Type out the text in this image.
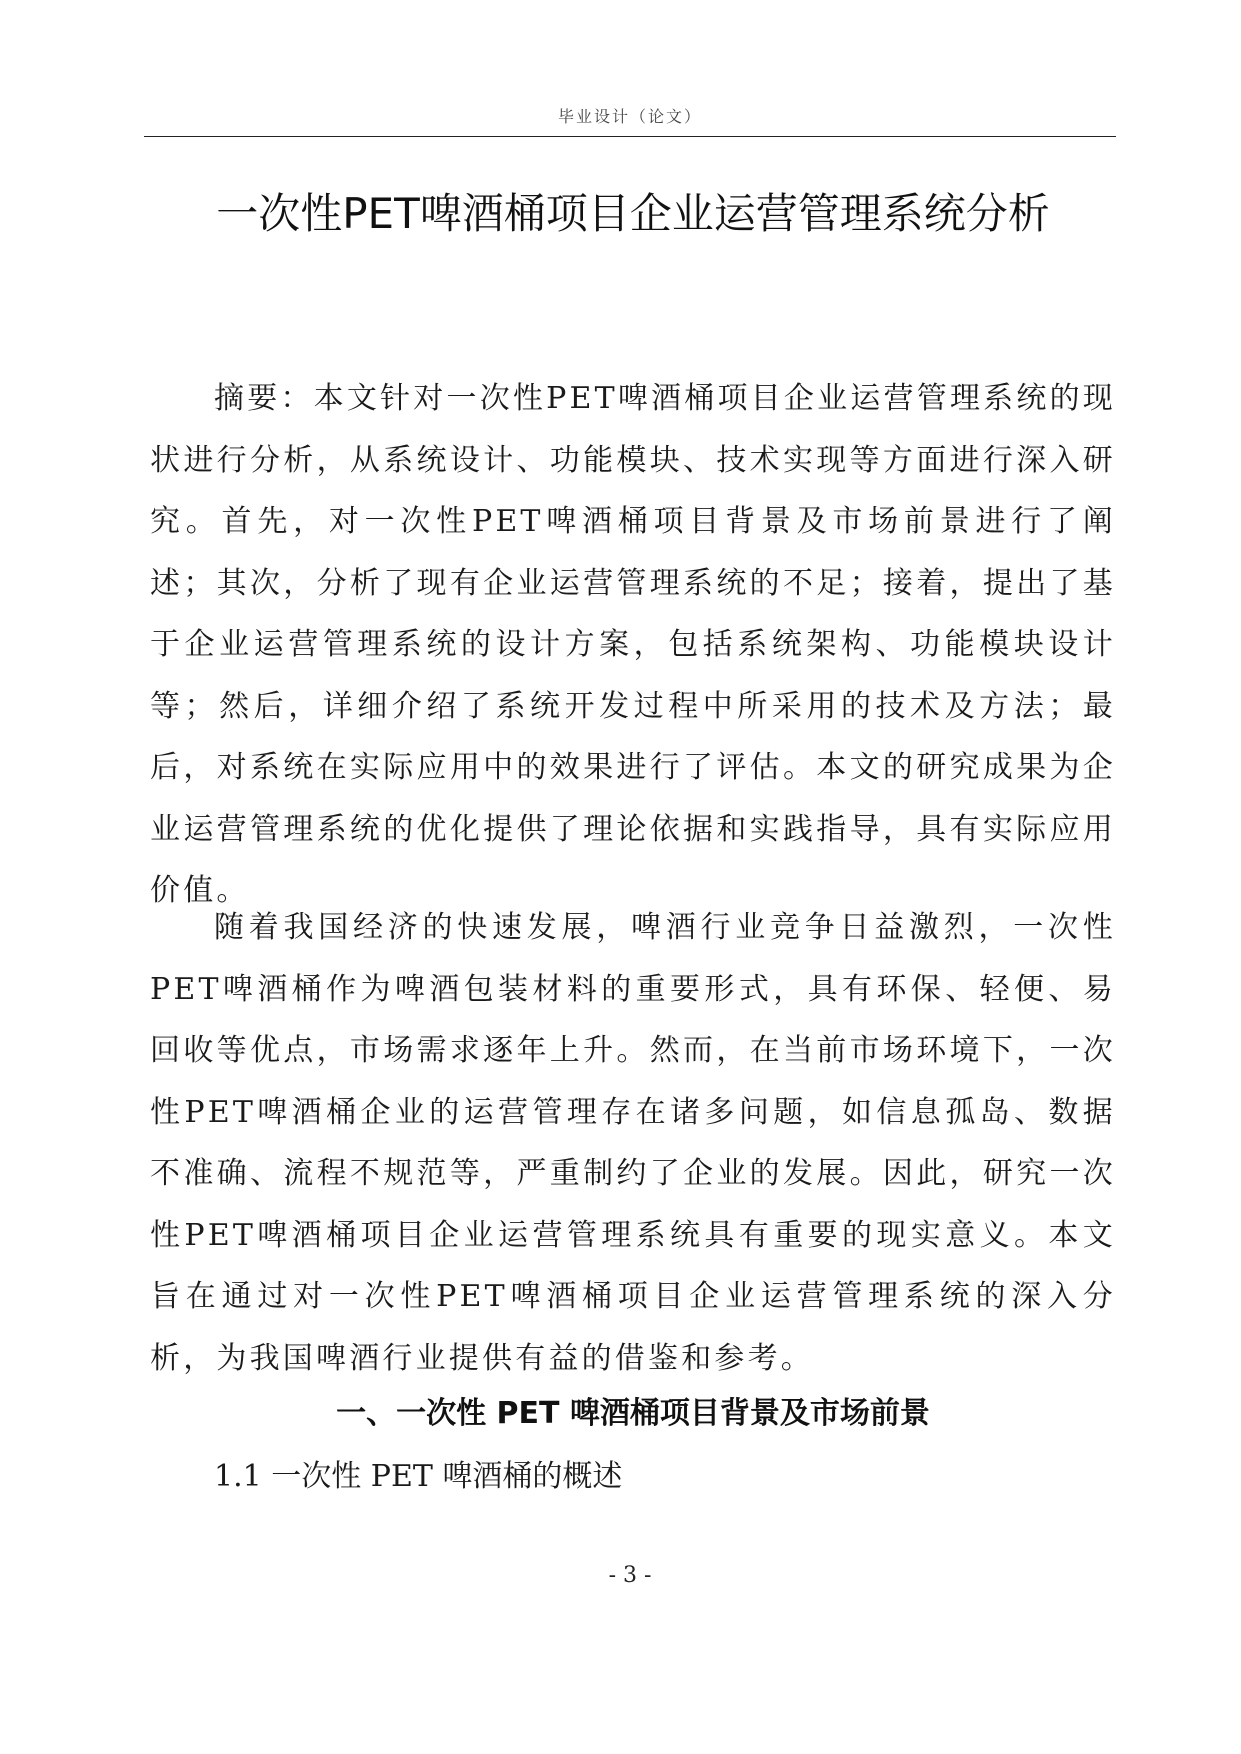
毕业设计（论文）
一次性PET啤酒桶项目企业运营管理系统分析

摘要：本文针对一次性PET啤酒桶项目企业运营管理系统的现状进行分析，从系统设计、功能模块、技术实现等方面进行深入研究。首先，对一次性PET啤酒桶项目背景及市场前景进行了阐述；其次，分析了现有企业运营管理系统的不足；接着，提出了基于企业运营管理系统的设计方案，包括系统架构、功能模块设计等；然后，详细介绍了系统开发过程中所采用的技术及方法；最后，对系统在实际应用中的效果进行了评估。本文的研究成果为企业运营管理系统的优化提供了理论依据和实践指导，具有实际应用价值。

随着我国经济的快速发展，啤酒行业竞争日益激烈，一次性PET啤酒桶作为啤酒包装材料的重要形式，具有环保、轻便、易回收等优点，市场需求逐年上升。然而，在当前市场环境下，一次性PET啤酒桶企业的运营管理存在诸多问题，如信息孤岛、数据不准确、流程不规范等，严重制约了企业的发展。因此，研究一次性PET啤酒桶项目企业运营管理系统具有重要的现实意义。本文旨在通过对一次性PET啤酒桶项目企业运营管理系统的深入分析，为我国啤酒行业提供有益的借鉴和参考。

一、一次性 PET 啤酒桶项目背景及市场前景
1.1 一次性 PET 啤酒桶的概述
- 3 -
